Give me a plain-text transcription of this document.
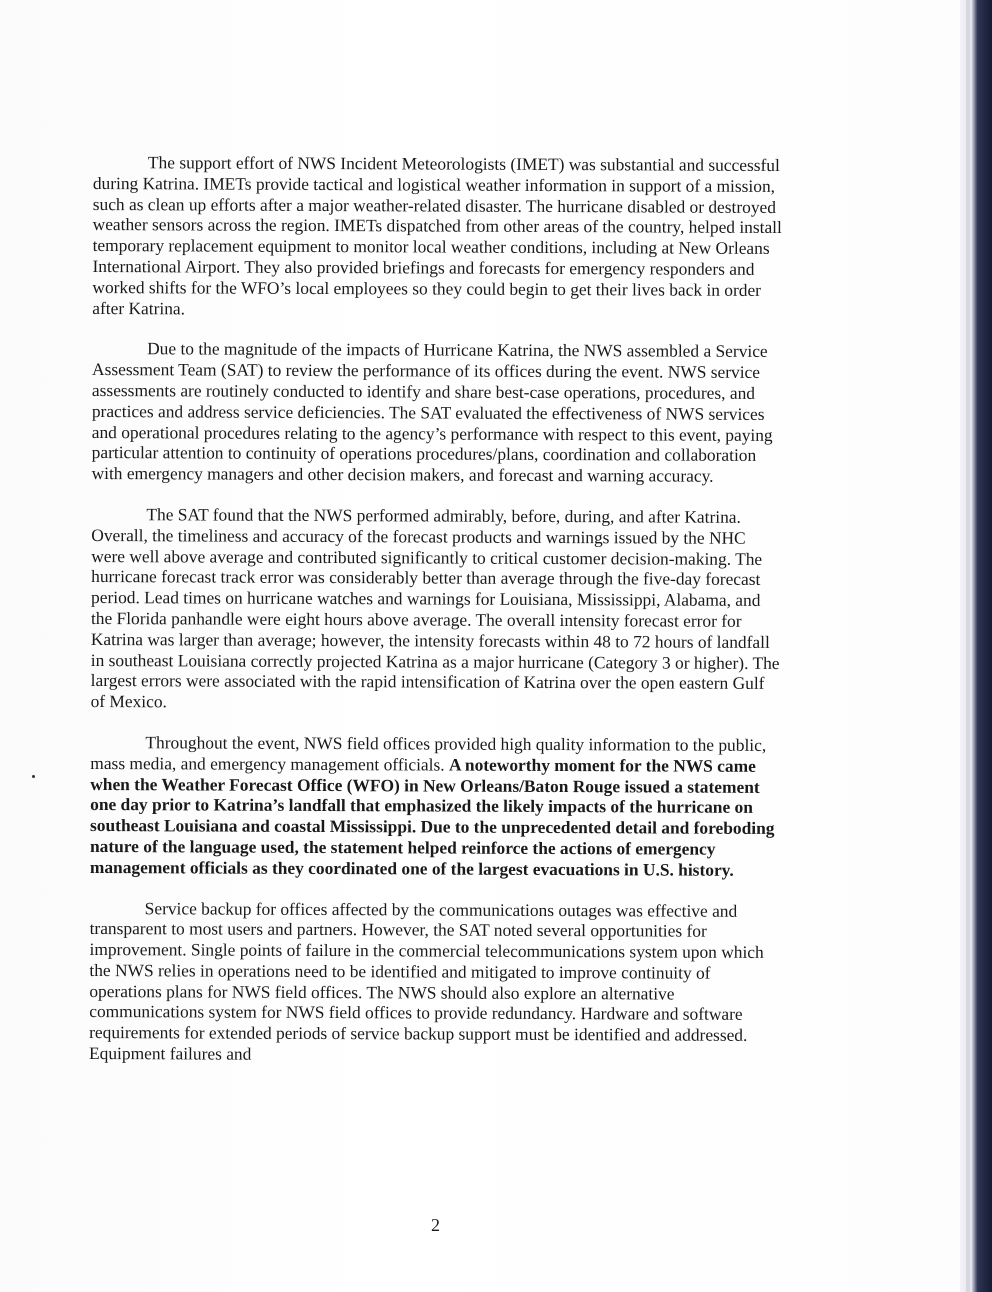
The support effort of NWS Incident Meteorologists (IMET) was substantial and successful during Katrina. IMETs provide tactical and logistical weather information in support of a mission, such as clean up efforts after a major weather-related disaster. The hurricane disabled or destroyed weather sensors across the region. IMETs dispatched from other areas of the country, helped install temporary replacement equipment to monitor local weather conditions, including at New Orleans International Airport. They also provided briefings and forecasts for emergency responders and worked shifts for the WFO’s local employees so they could begin to get their lives back in order after Katrina.

Due to the magnitude of the impacts of Hurricane Katrina, the NWS assembled a Service Assessment Team (SAT) to review the performance of its offices during the event. NWS service assessments are routinely conducted to identify and share best-case operations, procedures, and practices and address service deficiencies. The SAT evaluated the effectiveness of NWS services and operational procedures relating to the agency’s performance with respect to this event, paying particular attention to continuity of operations procedures/plans, coordination and collaboration with emergency managers and other decision makers, and forecast and warning accuracy.

The SAT found that the NWS performed admirably, before, during, and after Katrina. Overall, the timeliness and accuracy of the forecast products and warnings issued by the NHC were well above average and contributed significantly to critical customer decision-making. The hurricane forecast track error was considerably better than average through the five-day forecast period. Lead times on hurricane watches and warnings for Louisiana, Mississippi, Alabama, and the Florida panhandle were eight hours above average. The overall intensity forecast error for Katrina was larger than average; however, the intensity forecasts within 48 to 72 hours of landfall in southeast Louisiana correctly projected Katrina as a major hurricane (Category 3 or higher). The largest errors were associated with the rapid intensification of Katrina over the open eastern Gulf of Mexico.

Throughout the event, NWS field offices provided high quality information to the public, mass media, and emergency management officials. A noteworthy moment for the NWS came when the Weather Forecast Office (WFO) in New Orleans/Baton Rouge issued a statement one day prior to Katrina’s landfall that emphasized the likely impacts of the hurricane on southeast Louisiana and coastal Mississippi. Due to the unprecedented detail and foreboding nature of the language used, the statement helped reinforce the actions of emergency management officials as they coordinated one of the largest evacuations in U.S. history.

Service backup for offices affected by the communications outages was effective and transparent to most users and partners. However, the SAT noted several opportunities for improvement. Single points of failure in the commercial telecommunications system upon which the NWS relies in operations need to be identified and mitigated to improve continuity of operations plans for NWS field offices. The NWS should also explore an alternative communications system for NWS field offices to provide redundancy. Hardware and software requirements for extended periods of service backup support must be identified and addressed. Equipment failures and

2
